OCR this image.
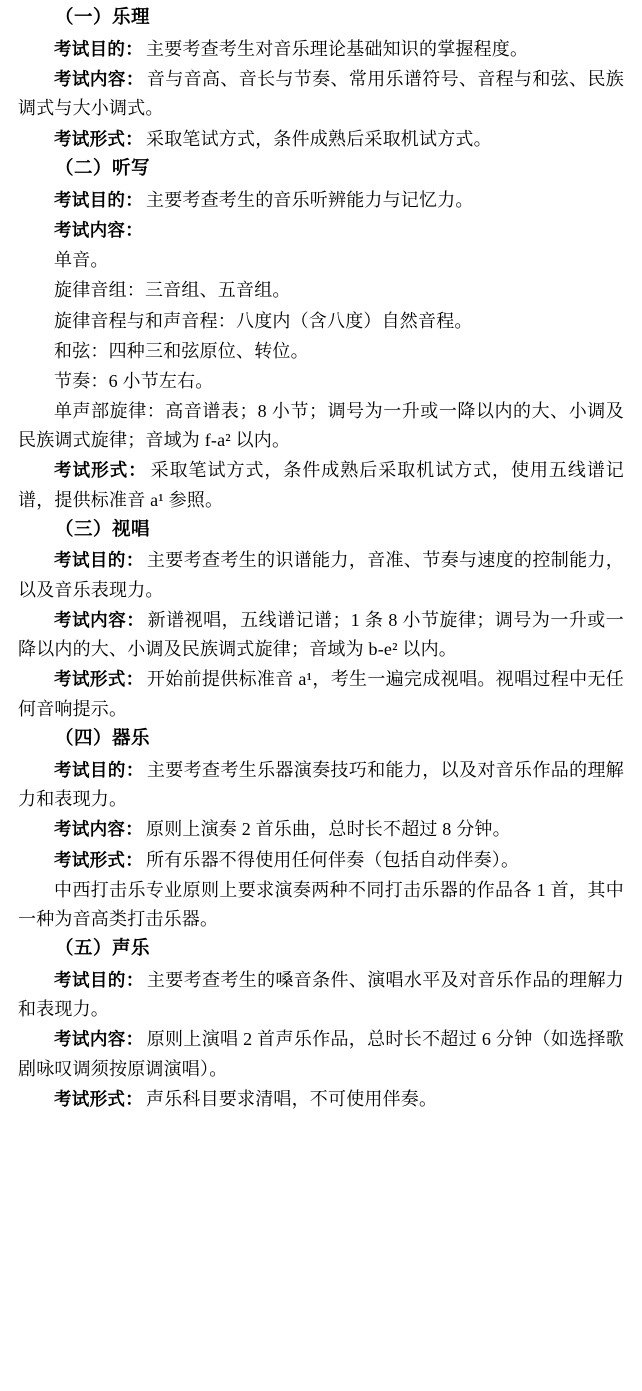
（一）乐理

考试目的： 主要考查考生对音乐理论基础知识的掌握程度。

考试内容： 音与音高、音长与节奏、常用乐谱符号、音程与和弦、民族调式与大小调式。

考试形式： 采取笔试方式，条件成熟后采取机试方式。

（二）听写

考试目的： 主要考查考生的音乐听辨能力与记忆力。

考试内容：

单音。

旋律音组：三音组、五音组。

旋律音程与和声音程：八度内（含八度）自然音程。

和弦：四种三和弦原位、转位。

节奏：6 小节左右。

单声部旋律：高音谱表；8 小节；调号为一升或一降以内的大、小调及民族调式旋律；音域为 f-a² 以内。

考试形式： 采取笔试方式，条件成熟后采取机试方式，使用五线谱记谱，提供标准音 a¹ 参照。

（三）视唱

考试目的： 主要考查考生的识谱能力，音准、节奏与速度的控制能力，以及音乐表现力。

考试内容： 新谱视唱，五线谱记谱；1 条 8 小节旋律；调号为一升或一降以内的大、小调及民族调式旋律；音域为 b-e² 以内。

考试形式： 开始前提供标准音 a¹，考生一遍完成视唱。视唱过程中无任何音响提示。

（四）器乐

考试目的： 主要考查考生乐器演奏技巧和能力，以及对音乐作品的理解力和表现力。

考试内容： 原则上演奏 2 首乐曲，总时长不超过 8 分钟。

考试形式： 所有乐器不得使用任何伴奏（包括自动伴奏）。

中西打击乐专业原则上要求演奏两种不同打击乐器的作品各 1 首，其中一种为音高类打击乐器。

（五）声乐

考试目的： 主要考查考生的嗓音条件、演唱水平及对音乐作品的理解力和表现力。

考试内容： 原则上演唱 2 首声乐作品，总时长不超过 6 分钟（如选择歌剧咏叹调须按原调演唱）。

考试形式： 声乐科目要求清唱，不可使用伴奏。
